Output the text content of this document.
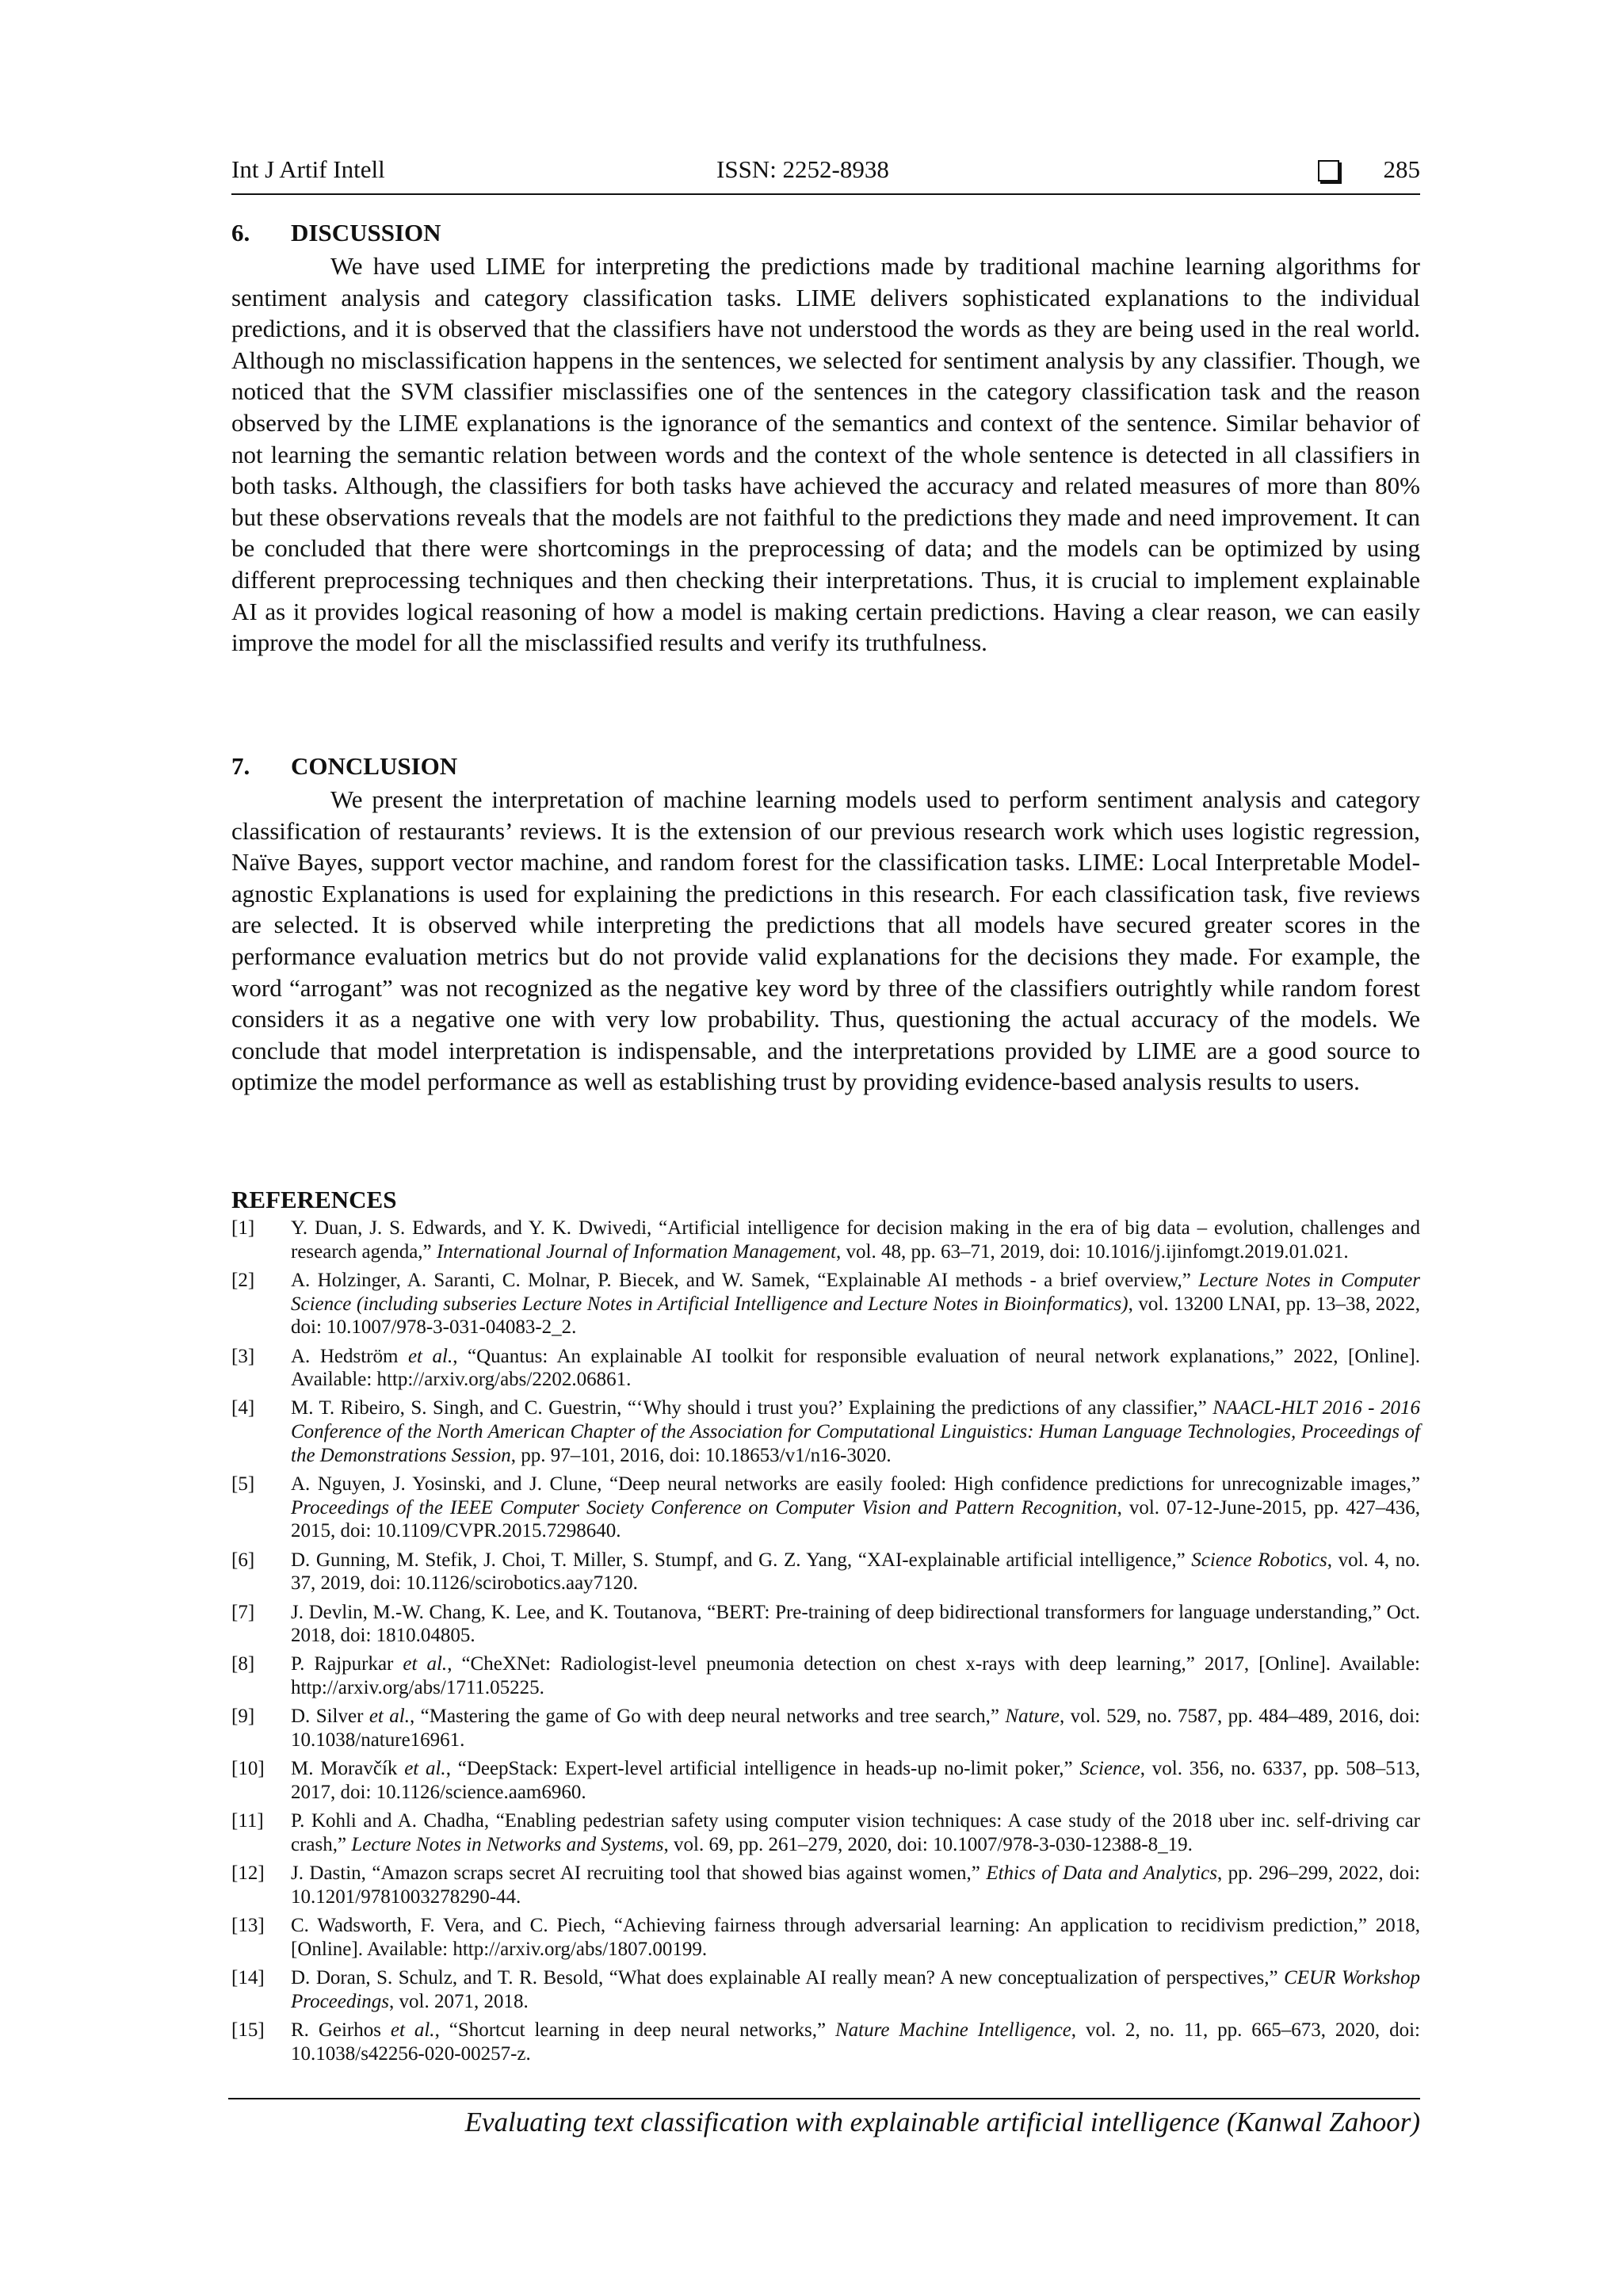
Int J Artif Intell	ISSN: 2252-8938	285
6. DISCUSSION

We have used LIME for interpreting the predictions made by traditional machine learning algorithms for sentiment analysis and category classification tasks. LIME delivers sophisticated explanations to the individual predictions, and it is observed that the classifiers have not understood the words as they are being used in the real world. Although no misclassification happens in the sentences, we selected for sentiment analysis by any classifier. Though, we noticed that the SVM classifier misclassifies one of the sentences in the category classification task and the reason observed by the LIME explanations is the ignorance of the semantics and context of the sentence. Similar behavior of not learning the semantic relation between words and the context of the whole sentence is detected in all classifiers in both tasks. Although, the classifiers for both tasks have achieved the accuracy and related measures of more than 80% but these observations reveals that the models are not faithful to the predictions they made and need improvement. It can be concluded that there were shortcomings in the preprocessing of data; and the models can be optimized by using different preprocessing techniques and then checking their interpretations. Thus, it is crucial to implement explainable AI as it provides logical reasoning of how a model is making certain predictions. Having a clear reason, we can easily improve the model for all the misclassified results and verify its truthfulness.

7. CONCLUSION

We present the interpretation of machine learning models used to perform sentiment analysis and category classification of restaurants’ reviews. It is the extension of our previous research work which uses logistic regression, Naïve Bayes, support vector machine, and random forest for the classification tasks. LIME: Local Interpretable Model-agnostic Explanations is used for explaining the predictions in this research. For each classification task, five reviews are selected. It is observed while interpreting the predictions that all models have secured greater scores in the performance evaluation metrics but do not provide valid explanations for the decisions they made. For example, the word “arrogant” was not recognized as the negative key word by three of the classifiers outrightly while random forest considers it as a negative one with very low probability. Thus, questioning the actual accuracy of the models. We conclude that model interpretation is indispensable, and the interpretations provided by LIME are a good source to optimize the model performance as well as establishing trust by providing evidence-based analysis results to users.

REFERENCES
[1] Y. Duan, J. S. Edwards, and Y. K. Dwivedi, “Artificial intelligence for decision making in the era of big data – evolution, challenges and research agenda,” International Journal of Information Management, vol. 48, pp. 63–71, 2019, doi: 10.1016/j.ijinfomgt.2019.01.021.
[2] A. Holzinger, A. Saranti, C. Molnar, P. Biecek, and W. Samek, “Explainable AI methods - a brief overview,” Lecture Notes in Computer Science (including subseries Lecture Notes in Artificial Intelligence and Lecture Notes in Bioinformatics), vol. 13200 LNAI, pp. 13–38, 2022, doi: 10.1007/978-3-031-04083-2_2.
[3] A. Hedström et al., “Quantus: An explainable AI toolkit for responsible evaluation of neural network explanations,” 2022, [Online]. Available: http://arxiv.org/abs/2202.06861.
[4] M. T. Ribeiro, S. Singh, and C. Guestrin, “‘Why should i trust you?’ Explaining the predictions of any classifier,” NAACL-HLT 2016 - 2016 Conference of the North American Chapter of the Association for Computational Linguistics: Human Language Technologies, Proceedings of the Demonstrations Session, pp. 97–101, 2016, doi: 10.18653/v1/n16-3020.
[5] A. Nguyen, J. Yosinski, and J. Clune, “Deep neural networks are easily fooled: High confidence predictions for unrecognizable images,” Proceedings of the IEEE Computer Society Conference on Computer Vision and Pattern Recognition, vol. 07-12-June-2015, pp. 427–436, 2015, doi: 10.1109/CVPR.2015.7298640.
[6] D. Gunning, M. Stefik, J. Choi, T. Miller, S. Stumpf, and G. Z. Yang, “XAI-explainable artificial intelligence,” Science Robotics, vol. 4, no. 37, 2019, doi: 10.1126/scirobotics.aay7120.
[7] J. Devlin, M.-W. Chang, K. Lee, and K. Toutanova, “BERT: Pre-training of deep bidirectional transformers for language understanding,” Oct. 2018, doi: 1810.04805.
[8] P. Rajpurkar et al., “CheXNet: Radiologist-level pneumonia detection on chest x-rays with deep learning,” 2017, [Online]. Available: http://arxiv.org/abs/1711.05225.
[9] D. Silver et al., “Mastering the game of Go with deep neural networks and tree search,” Nature, vol. 529, no. 7587, pp. 484–489, 2016, doi: 10.1038/nature16961.
[10] M. Moravčík et al., “DeepStack: Expert-level artificial intelligence in heads-up no-limit poker,” Science, vol. 356, no. 6337, pp. 508–513, 2017, doi: 10.1126/science.aam6960.
[11] P. Kohli and A. Chadha, “Enabling pedestrian safety using computer vision techniques: A case study of the 2018 uber inc. self-driving car crash,” Lecture Notes in Networks and Systems, vol. 69, pp. 261–279, 2020, doi: 10.1007/978-3-030-12388-8_19.
[12] J. Dastin, “Amazon scraps secret AI recruiting tool that showed bias against women,” Ethics of Data and Analytics, pp. 296–299, 2022, doi: 10.1201/9781003278290-44.
[13] C. Wadsworth, F. Vera, and C. Piech, “Achieving fairness through adversarial learning: An application to recidivism prediction,” 2018, [Online]. Available: http://arxiv.org/abs/1807.00199.
[14] D. Doran, S. Schulz, and T. R. Besold, “What does explainable AI really mean? A new conceptualization of perspectives,” CEUR Workshop Proceedings, vol. 2071, 2018.
[15] R. Geirhos et al., “Shortcut learning in deep neural networks,” Nature Machine Intelligence, vol. 2, no. 11, pp. 665–673, 2020, doi: 10.1038/s42256-020-00257-z.
Evaluating text classification with explainable artificial intelligence (Kanwal Zahoor)
